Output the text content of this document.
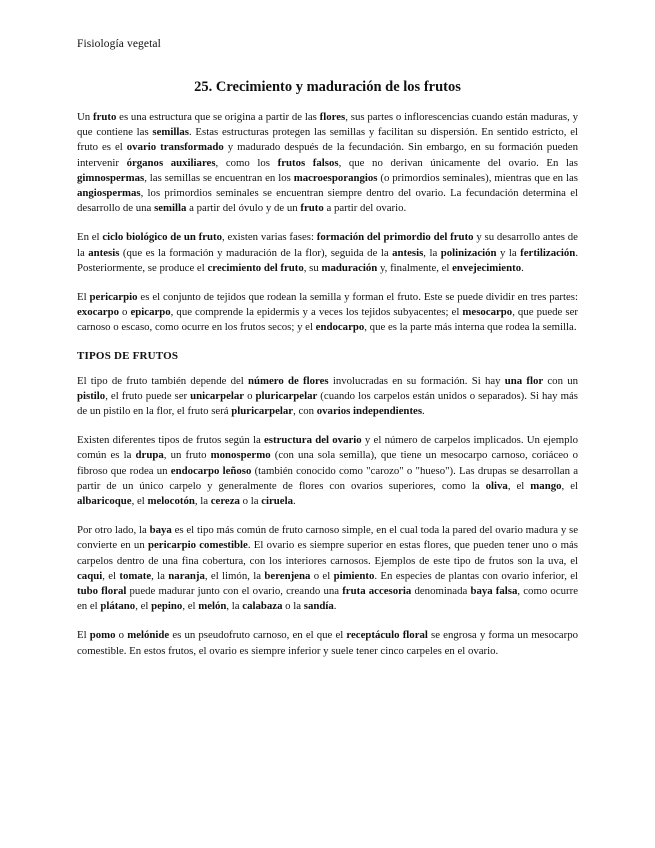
Fisiología vegetal
25. Crecimiento y maduración de los frutos

Un fruto es una estructura que se origina a partir de las flores, sus partes o inflorescencias cuando están maduras, y que contiene las semillas. Estas estructuras protegen las semillas y facilitan su dispersión. En sentido estricto, el fruto es el ovario transformado y madurado después de la fecundación. Sin embargo, en su formación pueden intervenir órganos auxiliares, como los frutos falsos, que no derivan únicamente del ovario. En las gimnospermas, las semillas se encuentran en los macroesporangios (o primordios seminales), mientras que en las angiospermas, los primordios seminales se encuentran siempre dentro del ovario. La fecundación determina el desarrollo de una semilla a partir del óvulo y de un fruto a partir del ovario.

En el ciclo biológico de un fruto, existen varias fases: formación del primordio del fruto y su desarrollo antes de la antesis (que es la formación y maduración de la flor), seguida de la antesis, la polinización y la fertilización. Posteriormente, se produce el crecimiento del fruto, su maduración y, finalmente, el envejecimiento.

El pericarpio es el conjunto de tejidos que rodean la semilla y forman el fruto. Este se puede dividir en tres partes: exocarpo o epicarpo, que comprende la epidermis y a veces los tejidos subyacentes; el mesocarpo, que puede ser carnoso o escaso, como ocurre en los frutos secos; y el endocarpo, que es la parte más interna que rodea la semilla.

TIPOS DE FRUTOS

El tipo de fruto también depende del número de flores involucradas en su formación. Si hay una flor con un pistilo, el fruto puede ser unicarpelar o pluricarpelar (cuando los carpelos están unidos o separados). Si hay más de un pistilo en la flor, el fruto será pluricarpelar, con ovarios independientes.

Existen diferentes tipos de frutos según la estructura del ovario y el número de carpelos implicados. Un ejemplo común es la drupa, un fruto monospermo (con una sola semilla), que tiene un mesocarpo carnoso, coriáceo o fibroso que rodea un endocarpo leñoso (también conocido como "carozo" o "hueso"). Las drupas se desarrollan a partir de un único carpelo y generalmente de flores con ovarios superiores, como la oliva, el mango, el albaricoque, el melocotón, la cereza o la ciruela.

Por otro lado, la baya es el tipo más común de fruto carnoso simple, en el cual toda la pared del ovario madura y se convierte en un pericarpio comestible. El ovario es siempre superior en estas flores, que pueden tener uno o más carpelos dentro de una fina cobertura, con los interiores carnosos. Ejemplos de este tipo de frutos son la uva, el caqui, el tomate, la naranja, el limón, la berenjena o el pimiento. En especies de plantas con ovario inferior, el tubo floral puede madurar junto con el ovario, creando una fruta accesoria denominada baya falsa, como ocurre en el plátano, el pepino, el melón, la calabaza o la sandía.

El pomo o melónide es un pseudofruto carnoso, en el que el receptáculo floral se engrosa y forma un mesocarpo comestible. En estos frutos, el ovario es siempre inferior y suele tener cinco carpeles en el ovario.
